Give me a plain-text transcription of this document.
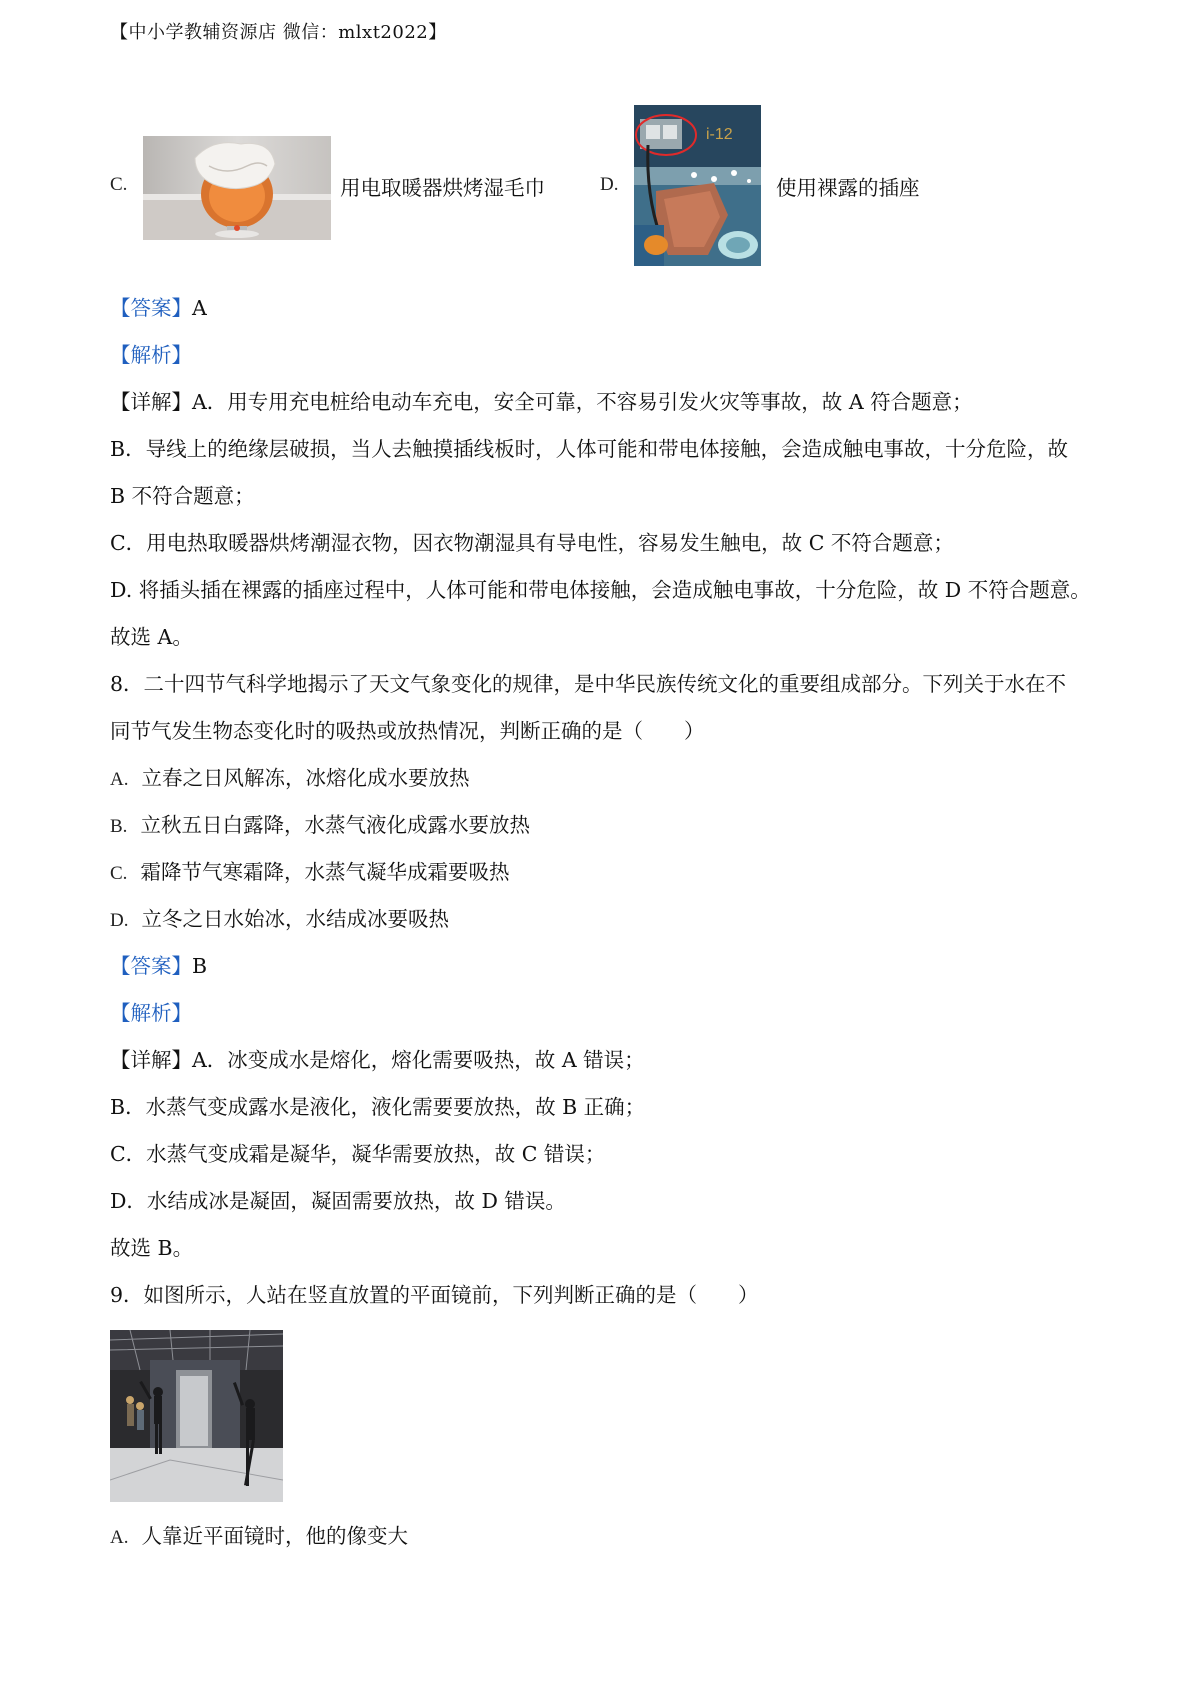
【中小学教辅资源店 微信：mlxt2022】
C.	用电取暖器烘烤湿毛巾	D.
i-12
使用裸露的插座
【答案】A
【解析】
【详解】A．用专用充电桩给电动车充电，安全可靠，不容易引发火灾等事故，故 A 符合题意；
B．导线上的绝缘层破损，当人去触摸插线板时，人体可能和带电体接触，会造成触电事故，十分危险，故
B 不符合题意；
C．用电热取暖器烘烤潮湿衣物，因衣物潮湿具有导电性，容易发生触电，故 C 不符合题意；
D. 将插头插在裸露的插座过程中，人体可能和带电体接触，会造成触电事故，十分危险，故 D 不符合题意。
故选 A。
8．二十四节气科学地揭示了天文气象变化的规律，是中华民族传统文化的重要组成部分。下列关于水在不
同节气发生物态变化时的吸热或放热情况，判断正确的是（　　）
A. 立春之日风解冻，冰熔化成水要放热
B. 立秋五日白露降，水蒸气液化成露水要放热
C. 霜降节气寒霜降，水蒸气凝华成霜要吸热
D. 立冬之日水始冰，水结成冰要吸热
【答案】B
【解析】
【详解】A．冰变成水是熔化，熔化需要吸热，故 A 错误；
B．水蒸气变成露水是液化，液化需要要放热，故 B 正确；
C．水蒸气变成霜是凝华，凝华需要放热，故 C 错误；
D．水结成冰是凝固，凝固需要放热，故 D 错误。
故选 B。
9．如图所示，人站在竖直放置的平面镜前，下列判断正确的是（　　）
A. 人靠近平面镜时，他的像变大
